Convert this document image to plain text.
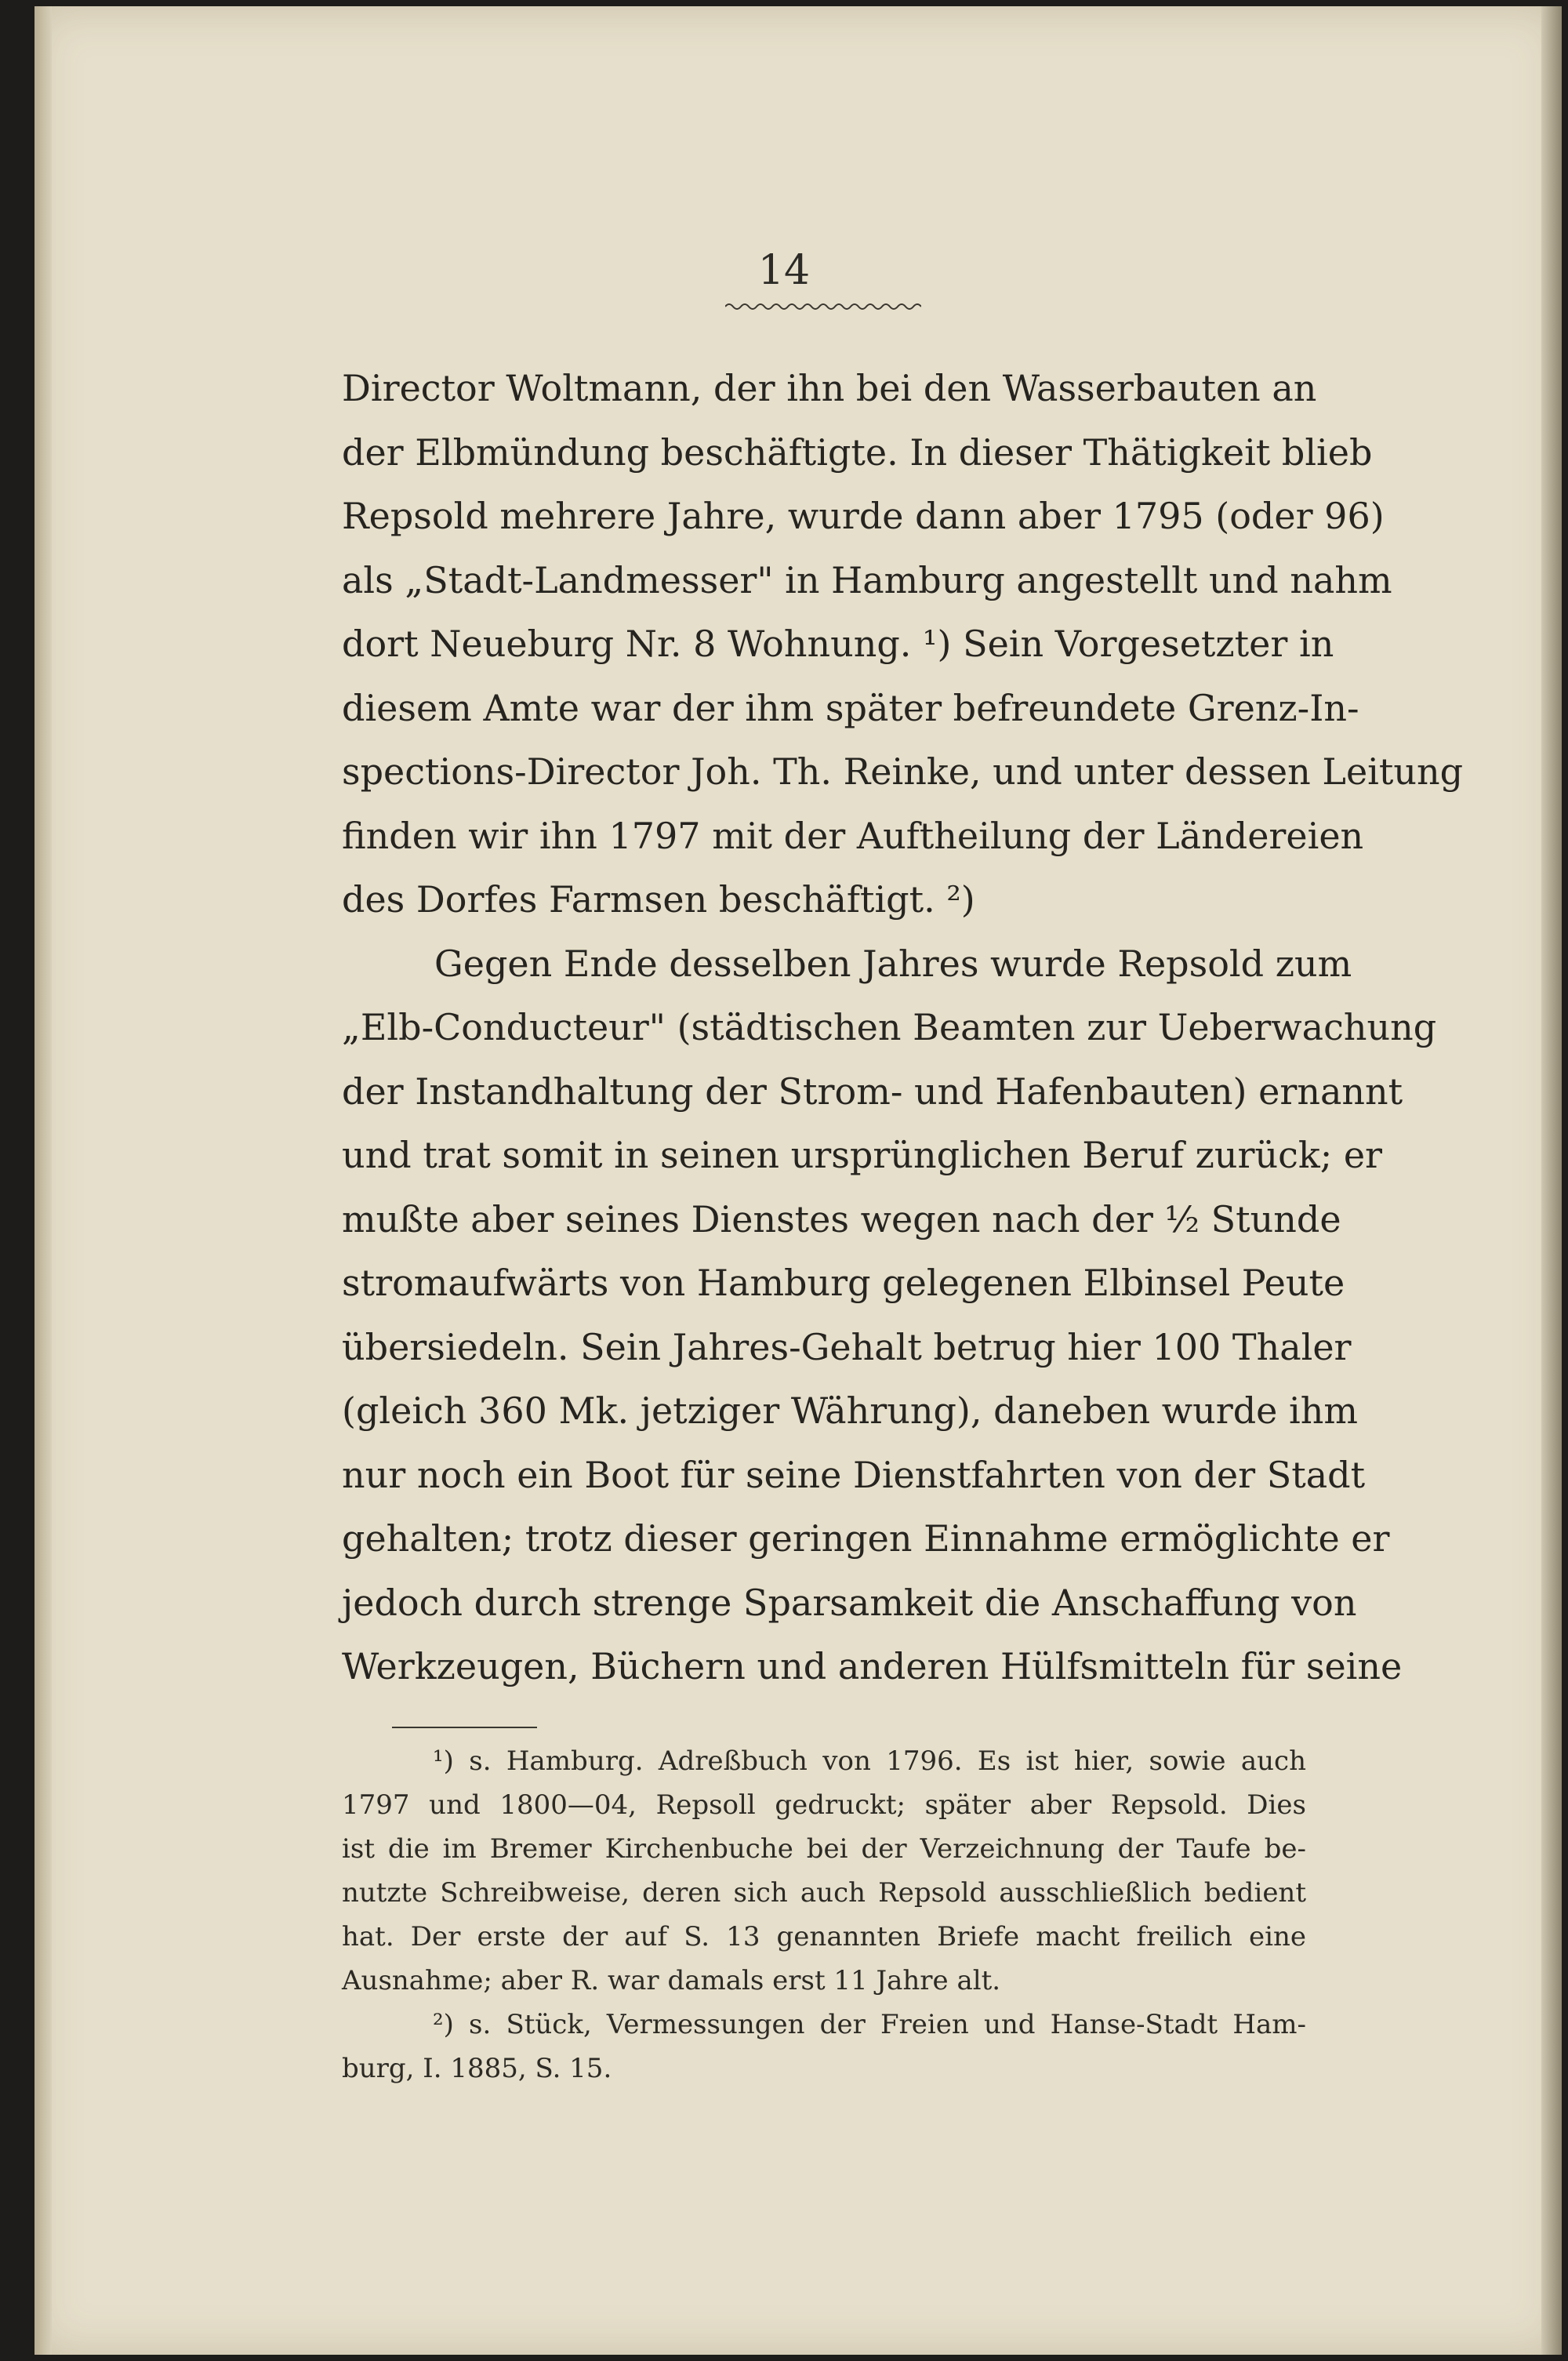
14
Director Woltmann, der ihn bei den Wasserbauten an
der Elbmündung beschäftigte. In dieser Thätigkeit blieb
Repsold mehrere Jahre, wurde dann aber 1795 (oder 96)
als „Stadt-Landmesser" in Hamburg angestellt und nahm
dort Neueburg Nr. 8 Wohnung. ¹) Sein Vorgesetzter in
diesem Amte war der ihm später befreundete Grenz-In-
spections-Director Joh. Th. Reinke, und unter dessen Leitung
finden wir ihn 1797 mit der Auftheilung der Ländereien
des Dorfes Farmsen beschäftigt. ²)
Gegen Ende desselben Jahres wurde Repsold zum
„Elb-Conducteur" (städtischen Beamten zur Ueberwachung
der Instandhaltung der Strom- und Hafenbauten) ernannt
und trat somit in seinen ursprünglichen Beruf zurück; er
mußte aber seines Dienstes wegen nach der ½ Stunde
stromaufwärts von Hamburg gelegenen Elbinsel Peute
übersiedeln. Sein Jahres-Gehalt betrug hier 100 Thaler
(gleich 360 Mk. jetziger Währung), daneben wurde ihm
nur noch ein Boot für seine Dienstfahrten von der Stadt
gehalten; trotz dieser geringen Einnahme ermöglichte er
jedoch durch strenge Sparsamkeit die Anschaffung von
Werkzeugen, Büchern und anderen Hülfsmitteln für seine
¹) s. Hamburg. Adreßbuch von 1796. Es ist hier, sowie auch
1797 und 1800—04, Repsoll gedruckt; später aber Repsold. Dies
ist die im Bremer Kirchenbuche bei der Verzeichnung der Taufe be-
nutzte Schreibweise, deren sich auch Repsold ausschließlich bedient
hat. Der erste der auf S. 13 genannten Briefe macht freilich eine
Ausnahme; aber R. war damals erst 11 Jahre alt.
²) s. Stück, Vermessungen der Freien und Hanse-Stadt Ham-
burg, I. 1885, S. 15.
